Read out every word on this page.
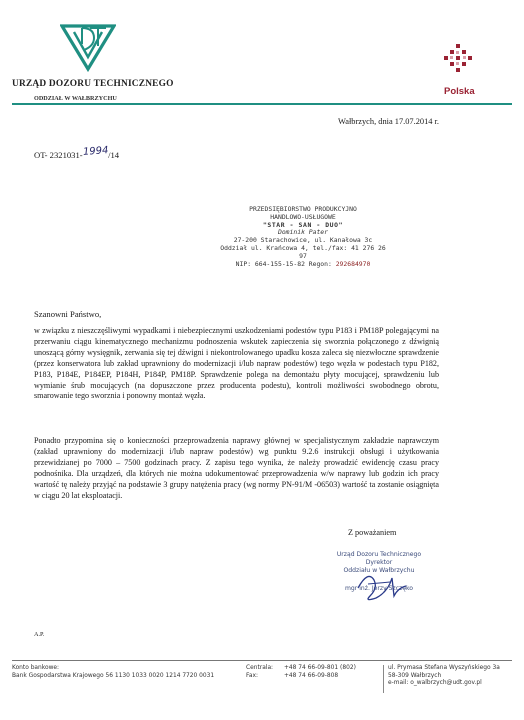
URZĄD DOZORU TECHNICZNEGO
ODDZIAŁ W WAŁBRZYCHU
Polska
Wałbrzych, dnia 17.07.2014 r.
OT- 2321031-1994/14
PRZEDSIĘBIORSTWO PRODUKCYJNO
HANDLOWO-USŁUGOWE
"STAR - SAN - DUO"
Dominik Pater
27-200 Starachowice, ul. Kanałowa 3c
Oddział ul. Krańcowa 4, tel./fax: 41 276 26 97
NIP: 664-155-15-82 Regon: 292684970
Szanowni Państwo,
w związku z nieszczęśliwymi wypadkami i niebezpiecznymi uszkodzeniami podestów typu P183 i PM18P polegającymi na przerwaniu ciągu kinematycznego mechanizmu podnoszenia wskutek zapieczenia się sworznia połączonego z dźwignią unoszącą górny wysięgnik, zerwania się tej dźwigni i niekontrolowanego upadku kosza zaleca się niezwłoczne sprawdzenie (przez konserwatora lub zakład uprawniony do modernizacji i/lub napraw podestów) tego węzła w podestach typu P182, P183, P184E, P184EP, P184H, P184P, PM18P. Sprawdzenie polega na demontażu płyty mocującej, sprawdzeniu lub wymianie śrub mocujących (na dopuszczone przez producenta podestu), kontroli możliwości swobodnego obrotu, smarowanie tego sworznia i ponowny montaż węzła.
Ponadto przypomina się o konieczności przeprowadzenia naprawy głównej w specjalistycznym zakładzie naprawczym (zakład uprawniony do modernizacji i/lub napraw podestów) wg punktu 9.2.6 instrukcji obsługi i użytkowania przewidzianej po 7000 – 7500 godzinach pracy. Z zapisu tego wynika, że należy prowadzić ewidencję czasu pracy podnośnika. Dla urządzeń, dla których nie można udokumentować przeprowadzenia w/w naprawy lub godzin ich pracy wartość tę należy przyjąć na podstawie 3 grupy natężenia pracy (wg normy PN-91/M -06503) wartość ta zostanie osiągnięta w ciągu 20 lat eksploatacji.
Z poważaniem
Urząd Dozoru Technicznego
Dyrektor
Oddziału w Wałbrzychu
mgr inż. Jerzy Szczęko
A.P.
Konto bankowe:
Bank Gospodarstwa Krajowego 56 1130 1033 0020 1214 7720 0031
Centrala: +48 74 66-09-801 (802)
Fax:	+48 74 66-09-808
ul. Prymasa Stefana Wyszyńskiego 3a
58-309 Wałbrzych
e-mail: o_walbrzych@udt.gov.pl
